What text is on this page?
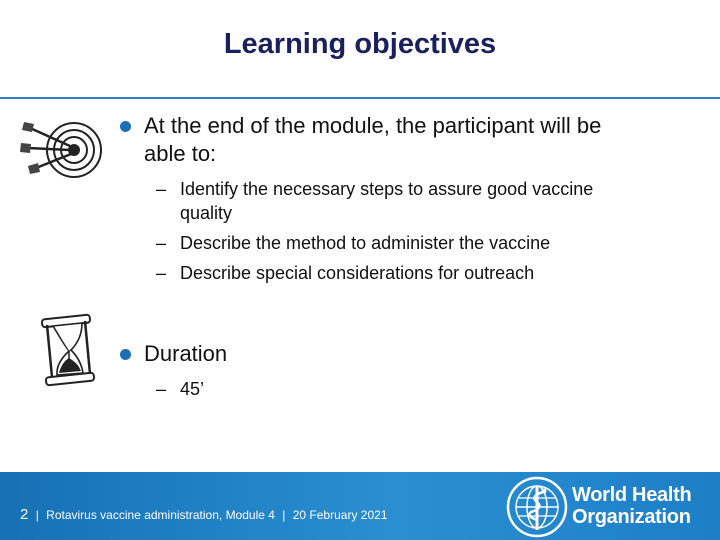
Learning objectives
At the end of the module, the participant will be
able to:
– Identify the necessary steps to assure good vaccine
quality
– Describe the method to administer the vaccine
– Describe special considerations for outreach
Duration
– 45’
2 | Rotavirus vaccine administration, Module 4 | 20 February 2021
World Health
Organization
